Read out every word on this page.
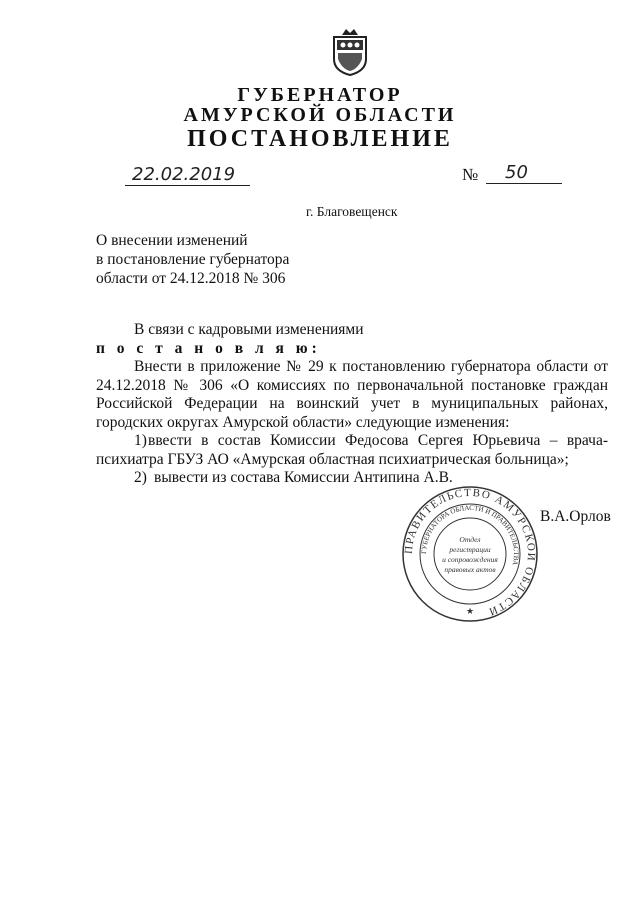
ГУБЕРНАТОР
АМУРСКОЙ ОБЛАСТИ
ПОСТАНОВЛЕНИЕ
22.02.2019	№ 50
г. Благовещенск
О внесении изменений
в постановление губернатора
области от 24.12.2018 № 306
В связи с кадровыми изменениями
п о с т а н о в л я ю:
Внести в приложение № 29 к постановлению губернатора области от 24.12.2018 № 306 «О комиссиях по первоначальной постановке граждан Российской Федерации на воинский учет в муниципальных районах, городских округах Амурской области» следующие изменения:
1) ввести в состав Комиссии Федосова Сергея Юрьевича – врача-психиатра ГБУЗ АО «Амурская областная психиатрическая больница»;
2) вывести из состава Комиссии Антипина А.В.
ПРАВИТЕЛЬСТВО АМУРСКОЙ ОБЛАСТИ
ГУБЕРНАТОРА ОБЛАСТИ И ПРАВИТЕЛЬСТВА
Отдел
регистрации
и сопровождения
правовых актов
★
В.А.Орлов
